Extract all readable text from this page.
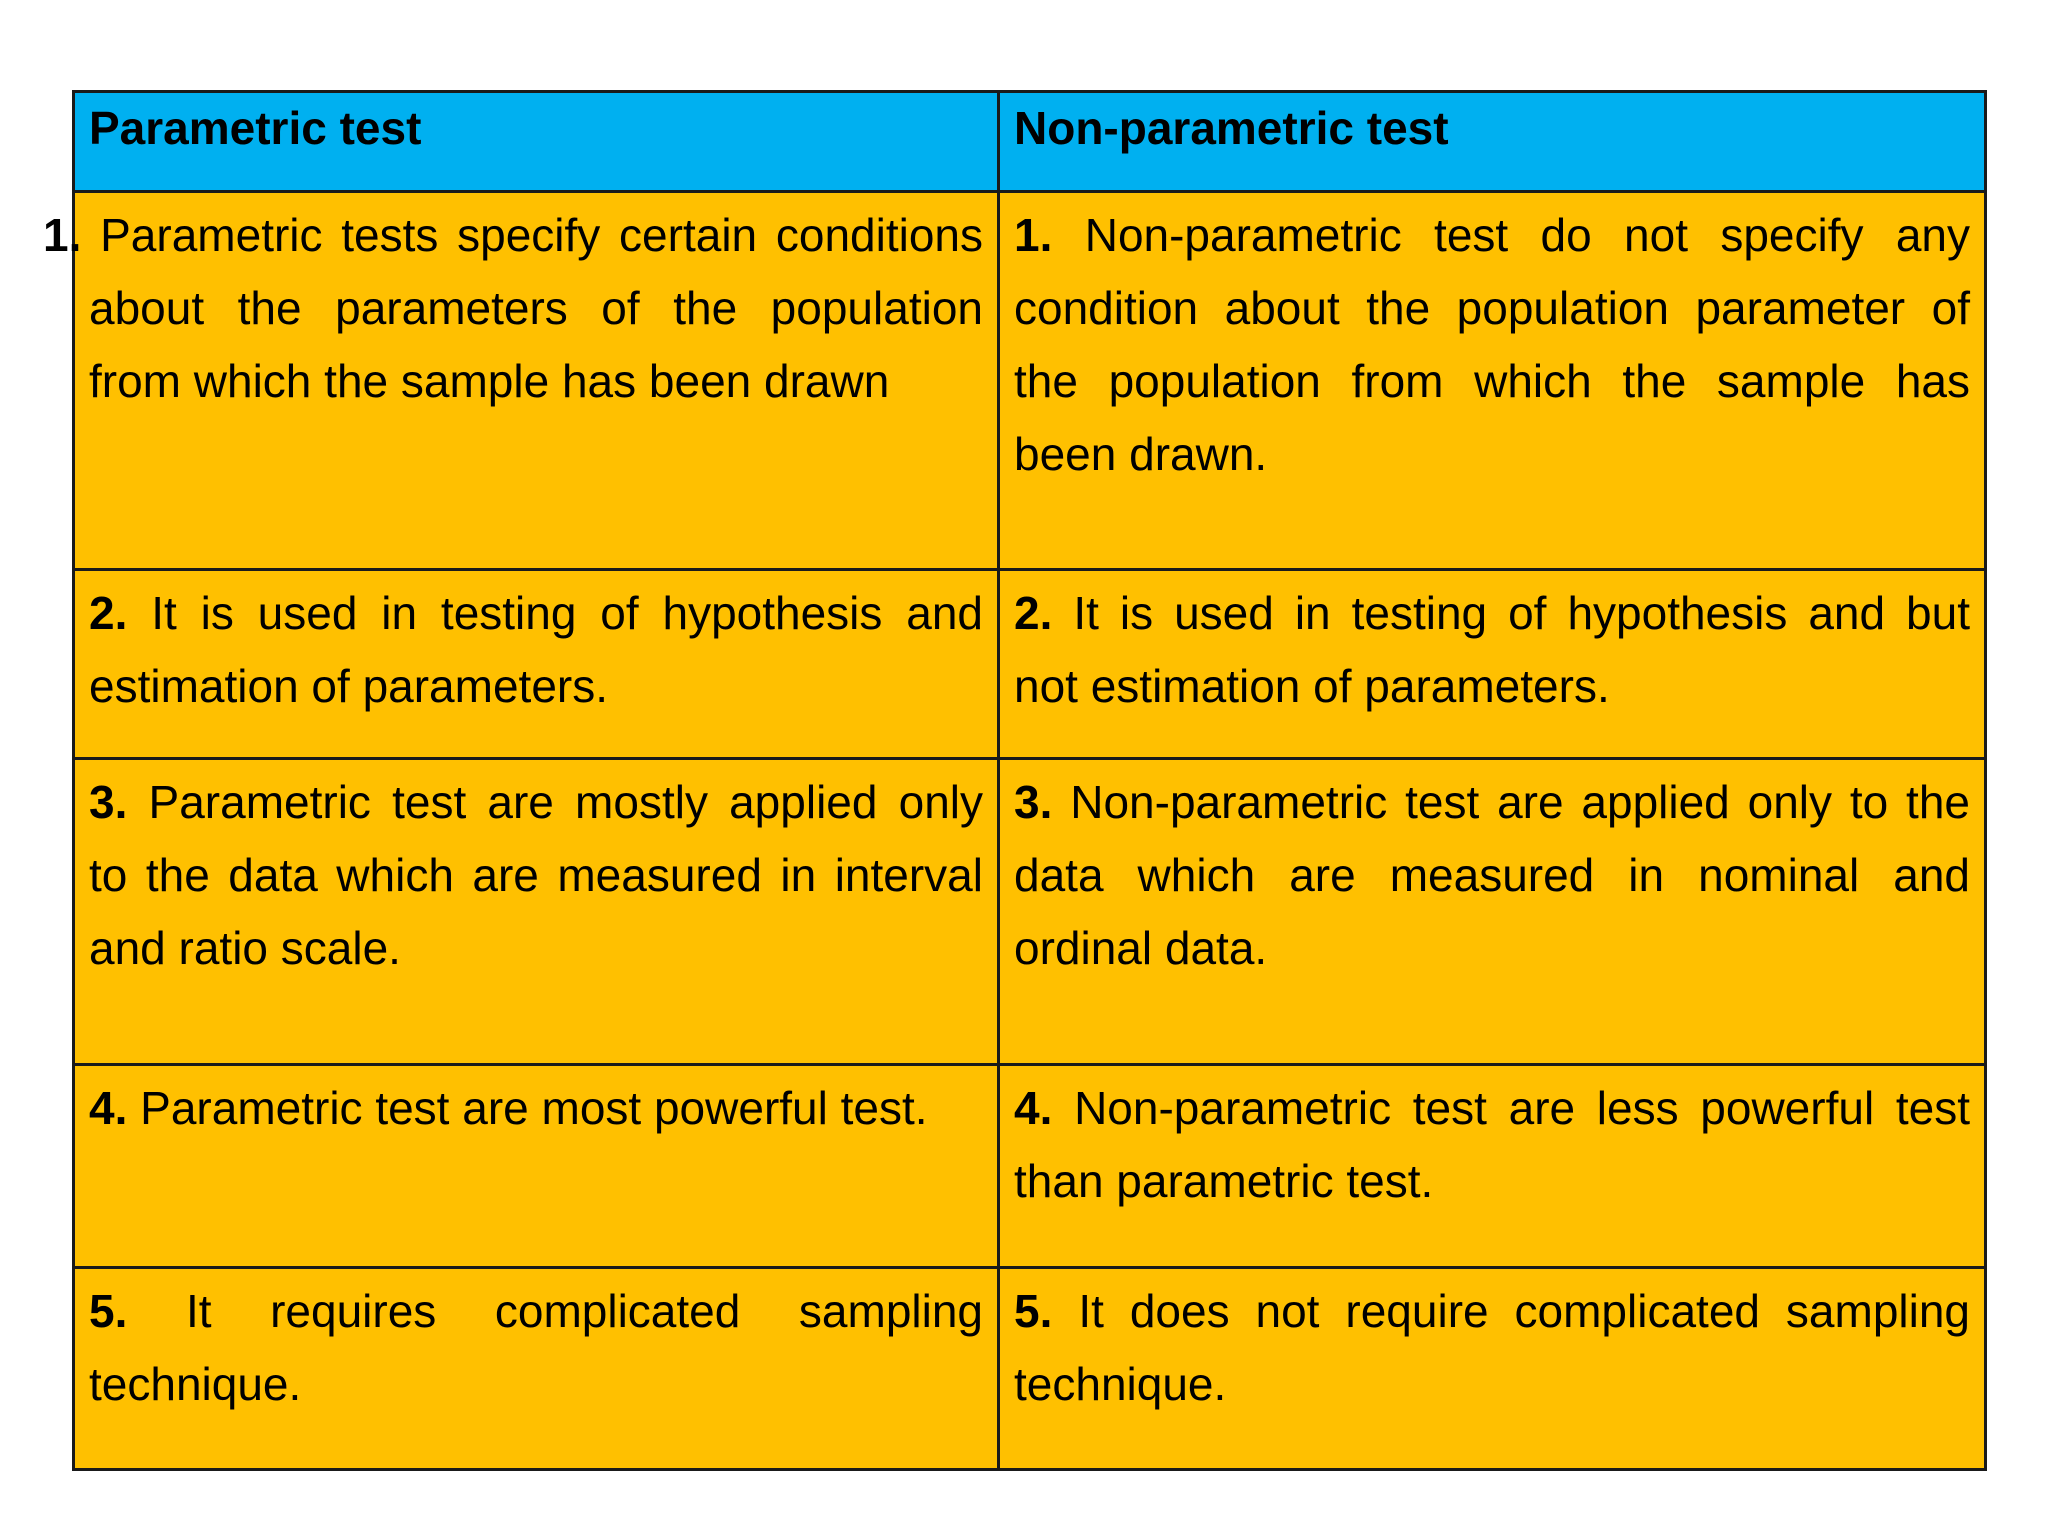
Parametric test	Non-parametric test
1. Parametric tests specify certain conditions about the parameters of the population from which the sample has been drawn	1. Non-parametric test do not specify any condition about the population parameter of the population from which the sample has been drawn.
2. It is used in testing of hypothesis and estimation of parameters.	2. It is used in testing of hypothesis and but not estimation of parameters.
3. Parametric test are mostly applied only to the data which are measured in interval and ratio scale.	3. Non-parametric test are applied only to the data which are measured in nominal and ordinal data.
4. Parametric test are most powerful test.	4. Non-parametric test are less powerful test than parametric test.
5. It requires complicated sampling technique.	5. It does not require complicated sampling technique.
